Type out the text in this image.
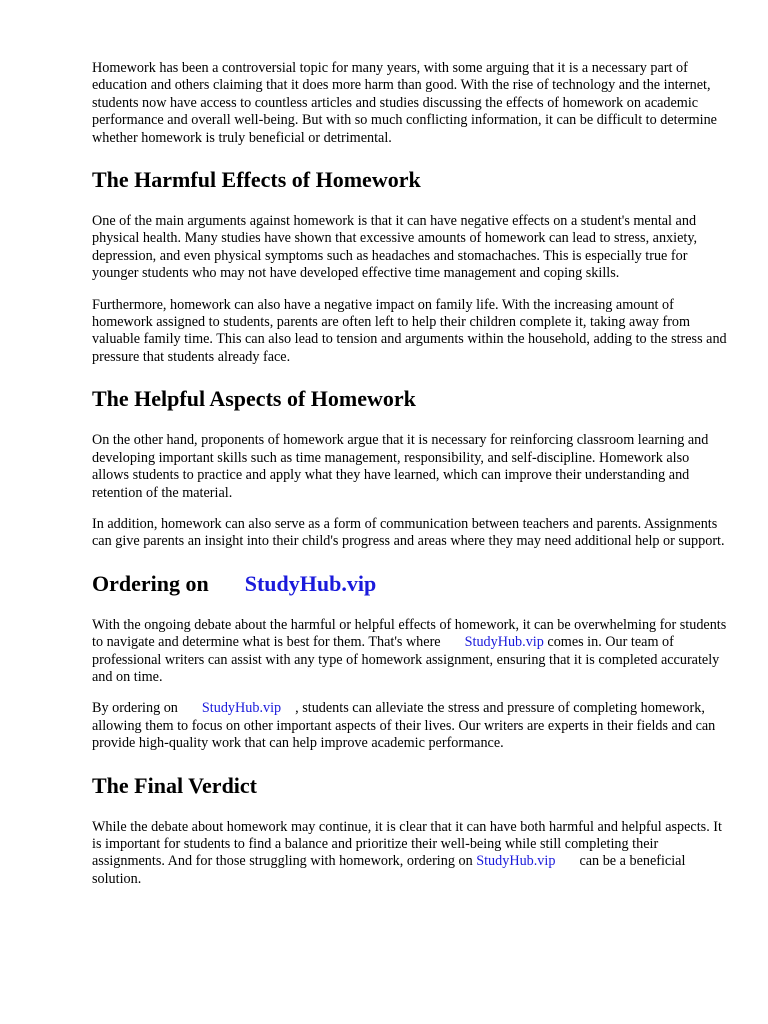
Homework has been a controversial topic for many years, with some arguing that it is a necessary part of education and others claiming that it does more harm than good. With the rise of technology and the internet, students now have access to countless articles and studies discussing the effects of homework on academic performance and overall well-being. But with so much conflicting information, it can be difficult to determine whether homework is truly beneficial or detrimental.

The Harmful Effects of Homework

One of the main arguments against homework is that it can have negative effects on a student's mental and physical health. Many studies have shown that excessive amounts of homework can lead to stress, anxiety, depression, and even physical symptoms such as headaches and stomachaches. This is especially true for younger students who may not have developed effective time management and coping skills.

Furthermore, homework can also have a negative impact on family life. With the increasing amount of homework assigned to students, parents are often left to help their children complete it, taking away from valuable family time. This can also lead to tension and arguments within the household, adding to the stress and pressure that students already face.

The Helpful Aspects of Homework

On the other hand, proponents of homework argue that it is necessary for reinforcing classroom learning and developing important skills such as time management, responsibility, and self-discipline. Homework also allows students to practice and apply what they have learned, which can improve their understanding and retention of the material.

In addition, homework can also serve as a form of communication between teachers and parents. Assignments can give parents an insight into their child's progress and areas where they may need additional help or support.

Ordering on StudyHub.vip

With the ongoing debate about the harmful or helpful effects of homework, it can be overwhelming for students to navigate and determine what is best for them. That's where StudyHub.vip comes in. Our team of professional writers can assist with any type of homework assignment, ensuring that it is completed accurately and on time.

By ordering on StudyHub.vip , students can alleviate the stress and pressure of completing homework, allowing them to focus on other important aspects of their lives. Our writers are experts in their fields and can provide high-quality work that can help improve academic performance.

The Final Verdict

While the debate about homework may continue, it is clear that it can have both harmful and helpful aspects. It is important for students to find a balance and prioritize their well-being while still completing their assignments. And for those struggling with homework, ordering on StudyHub.vip can be a beneficial solution.
